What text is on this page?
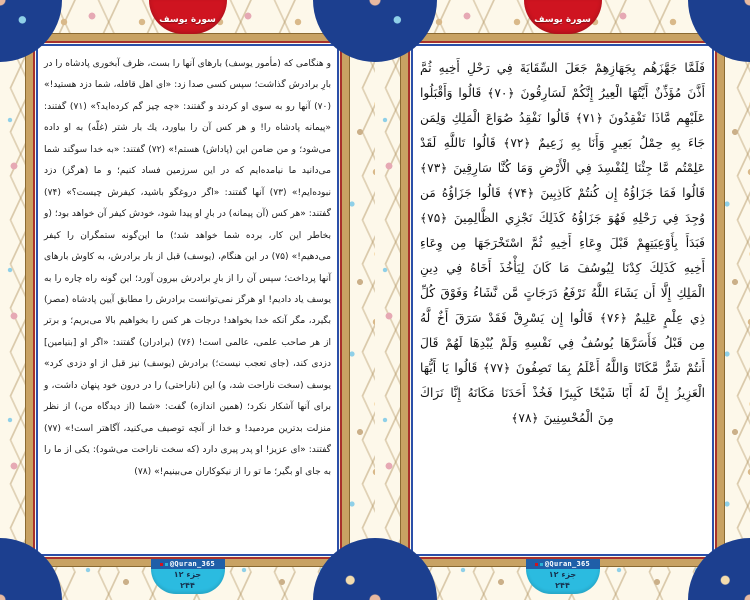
و هنگامى كه (مأمور يوسف) بارهاى آنها را بست، ظرف آبخورى پادشاه را در بارِ برادرش گذاشت؛ سپس كسى صدا زد: «اى اهل قافله، شما دزد هستيد!» (۷۰) آنها رو به سوى او كردند و گفتند: «چه چيز گم كرده‌ايد؟» (۷۱) گفتند: «پيمانه پادشاه را! و هر كس آن را بياورد، يك بار شتر (غلّه) به او داده مى‌شود؛ و من ضامن اين (پاداش) هستم!» (۷۲) گفتند: «به خدا سوگند شما مى‌دانيد ما نيامده‌ايم كه در اين سرزمين فساد كنيم؛ و ما (هرگز) دزد نبوده‌ايم!» (۷۳) آنها گفتند: «اگر دروغگو باشيد، كيفرش چيست؟» (۷۴) گفتند: «هر كس (آن پيمانه) در بارِ او پيدا شود، خودش كيفر آن خواهد بود؛ (و بخاطر اين كار، برده شما خواهد شد؛) ما اين‌گونه ستمگران را كيفر مى‌دهيم!» (۷۵) در اين هنگام، (يوسف) قبل از بار برادرش، به كاوش بارهاى آنها پرداخت؛ سپس آن را از بارِ برادرش بيرون آورد؛ اين گونه راه چاره را به يوسف ياد داديم! او هرگز نمى‌توانست برادرش را مطابق آيين پادشاه (مصر) بگيرد، مگر آنكه خدا بخواهد! درجات هر كس را بخواهيم بالا مى‌بريم؛ و برتر از هر صاحب علمى، عالمى است! (۷۶) (برادران) گفتند: «اگر او [بنيامين] دزدى كند، (جاى تعجب نيست؛) برادرش (يوسف) نيز قبل از او دزدى كرد» يوسف (سخت ناراحت شد، و) اين (ناراحتى) را در درون خود پنهان داشت، و براى آنها آشكار نكرد؛ (همين اندازه) گفت: «شما (از ديدگاه من،) از نظر منزلت بدترين مردميد! و خدا از آنچه توصيف مى‌كنيد، آگاهتر است!» (۷۷) گفتند: «اى عزيز! او پدر پيرى دارد (كه سخت ناراحت مى‌شود): يكى از ما را به جاى او بگير؛ ما تو را از نيكوكاران مى‌بينيم!» (۷۸)

سورة يوسف
@Quran_365
جزء ۱۲
۲۴۴

فَلَمَّا جَهَّزَهُم بِجَهَازِهِمْ جَعَلَ السِّقَايَةَ فِي رَحْلِ أَخِيهِ ثُمَّ أَذَّنَ مُؤَذِّنٌ أَيَّتُهَا الْعِيرُ إِنَّكُمْ لَسَارِقُونَ ﴿۷۰﴾ قَالُوا وَأَقْبَلُوا عَلَيْهِم مَّاذَا تَفْقِدُونَ ﴿۷۱﴾ قَالُوا نَفْقِدُ صُوَاعَ الْمَلِكِ وَلِمَن جَاءَ بِهِ حِمْلُ بَعِيرٍ وَأَنَا بِهِ زَعِيمٌ ﴿۷۲﴾ قَالُوا تَاللَّهِ لَقَدْ عَلِمْتُم مَّا جِئْنَا لِنُفْسِدَ فِي الْأَرْضِ وَمَا كُنَّا سَارِقِينَ ﴿۷۳﴾ قَالُوا فَمَا جَزَاؤُهُ إِن كُنتُمْ كَاذِبِينَ ﴿۷۴﴾ قَالُوا جَزَاؤُهُ مَن وُجِدَ فِي رَحْلِهِ فَهُوَ جَزَاؤُهُ كَذَلِكَ نَجْزِي الظَّالِمِينَ ﴿۷۵﴾ فَبَدَأَ بِأَوْعِيَتِهِمْ قَبْلَ وِعَاءِ أَخِيهِ ثُمَّ اسْتَخْرَجَهَا مِن وِعَاءِ أَخِيهِ كَذَلِكَ كِدْنَا لِيُوسُفَ مَا كَانَ لِيَأْخُذَ أَخَاهُ فِي دِينِ الْمَلِكِ إِلَّا أَن يَشَاءَ اللَّهُ نَرْفَعُ دَرَجَاتٍ مَّن نَّشَاءُ وَفَوْقَ كُلِّ ذِي عِلْمٍ عَلِيمٌ ﴿۷۶﴾ قَالُوا إِن يَسْرِقْ فَقَدْ سَرَقَ أَخٌ لَّهُ مِن قَبْلُ فَأَسَرَّهَا يُوسُفُ فِي نَفْسِهِ وَلَمْ يُبْدِهَا لَهُمْ قَالَ أَنتُمْ شَرٌّ مَّكَانًا وَاللَّهُ أَعْلَمُ بِمَا تَصِفُونَ ﴿۷۷﴾ قَالُوا يَا أَيُّهَا الْعَزِيزُ إِنَّ لَهُ أَبًا شَيْخًا كَبِيرًا فَخُذْ أَحَدَنَا مَكَانَهُ إِنَّا نَرَاكَ مِنَ الْمُحْسِنِينَ ﴿۷۸﴾

سورة يوسف
@Quran_365
جزء ۱۲
۲۴۴
